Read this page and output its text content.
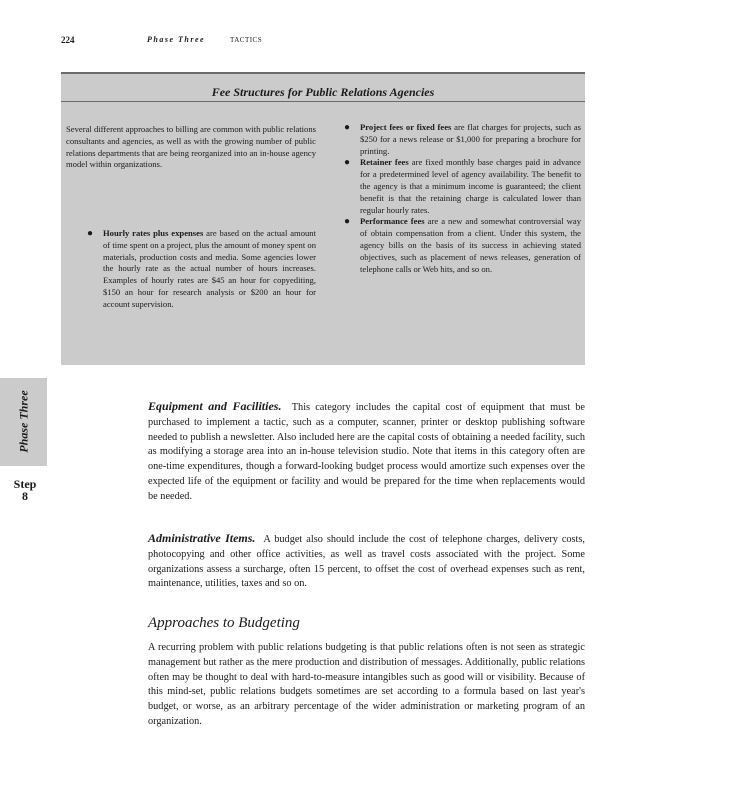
224	Phase Three	TACTICS
Fee Structures for Public Relations Agencies
Several different approaches to billing are common with public relations consultants and agencies, as well as with the growing number of public relations departments that are being reorganized into an in-house agency model within organizations.
● Hourly rates plus expenses are based on the actual amount of time spent on a project, plus the amount of money spent on materials, production costs and media. Some agencies lower the hourly rate as the actual number of hours increases. Examples of hourly rates are $45 an hour for copyediting, $150 an hour for research analysis or $200 an hour for account supervision.
● Project fees or fixed fees are flat charges for projects, such as $250 for a news release or $1,000 for preparing a brochure for printing.
● Retainer fees are fixed monthly base charges paid in advance for a predetermined level of agency availability. The benefit to the agency is that a minimum income is guaranteed; the client benefit is that the retaining charge is calculated lower than regular hourly rates.
● Performance fees are a new and somewhat controversial way of obtain compensation from a client. Under this system, the agency bills on the basis of its success in achieving stated objectives, such as placement of news releases, generation of telephone calls or Web hits, and so on.
Phase Three
Step
8
Equipment and Facilities. This category includes the capital cost of equipment that must be purchased to implement a tactic, such as a computer, scanner, printer or desktop publishing software needed to publish a newsletter. Also included here are the capital costs of obtaining a needed facility, such as modifying a storage area into an in-house television studio. Note that items in this category often are one-time expenditures, though a forward-looking budget process would amortize such expenses over the expected life of the equipment or facility and would be prepared for the time when replacements would be needed.
Administrative Items. A budget also should include the cost of telephone charges, delivery costs, photocopying and other office activities, as well as travel costs associated with the project. Some organizations assess a surcharge, often 15 percent, to offset the cost of overhead expenses such as rent, maintenance, utilities, taxes and so on.
Approaches to Budgeting
A recurring problem with public relations budgeting is that public relations often is not seen as strategic management but rather as the mere production and distribution of messages. Additionally, public relations often may be thought to deal with hard-to-measure intangibles such as good will or visibility. Because of this mind-set, public relations budgets sometimes are set according to a formula based on last year's budget, or worse, as an arbitrary percentage of the wider administration or marketing program of an organization.
